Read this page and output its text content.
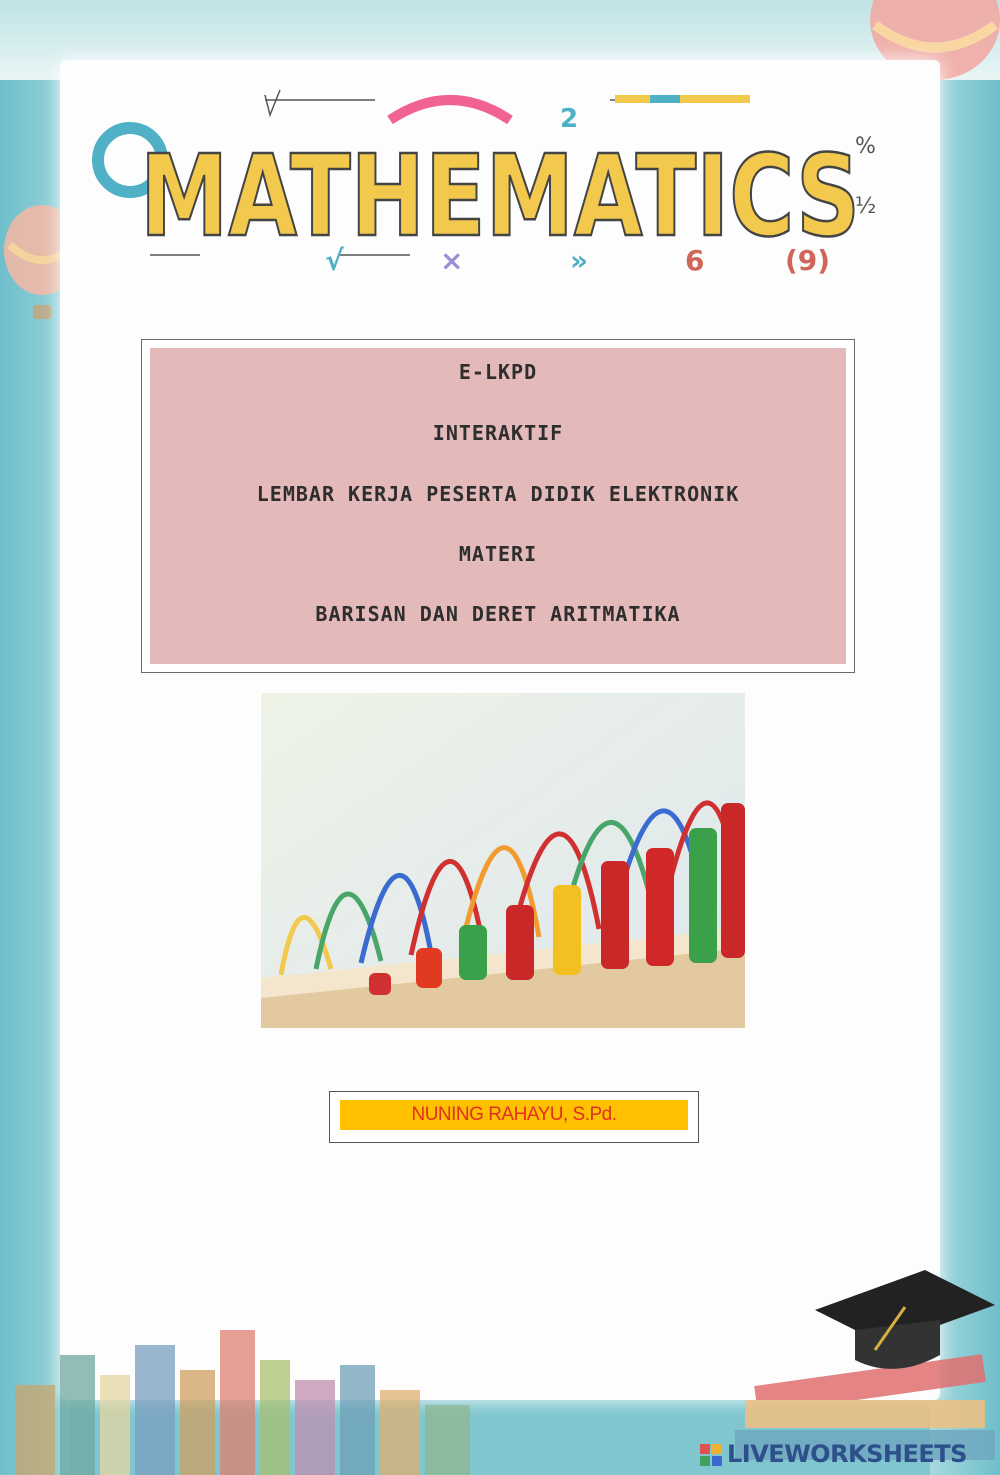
MATHEMATICS
√	×	»	6	(9)
2
%
½
E-LKPD
INTERAKTIF
LEMBAR KERJA PESERTA DIDIK ELEKTRONIK
MATERI
BARISAN DAN DERET ARITMATIKA
NUNING RAHAYU, S.Pd.
LIVEWORKSHEETS
